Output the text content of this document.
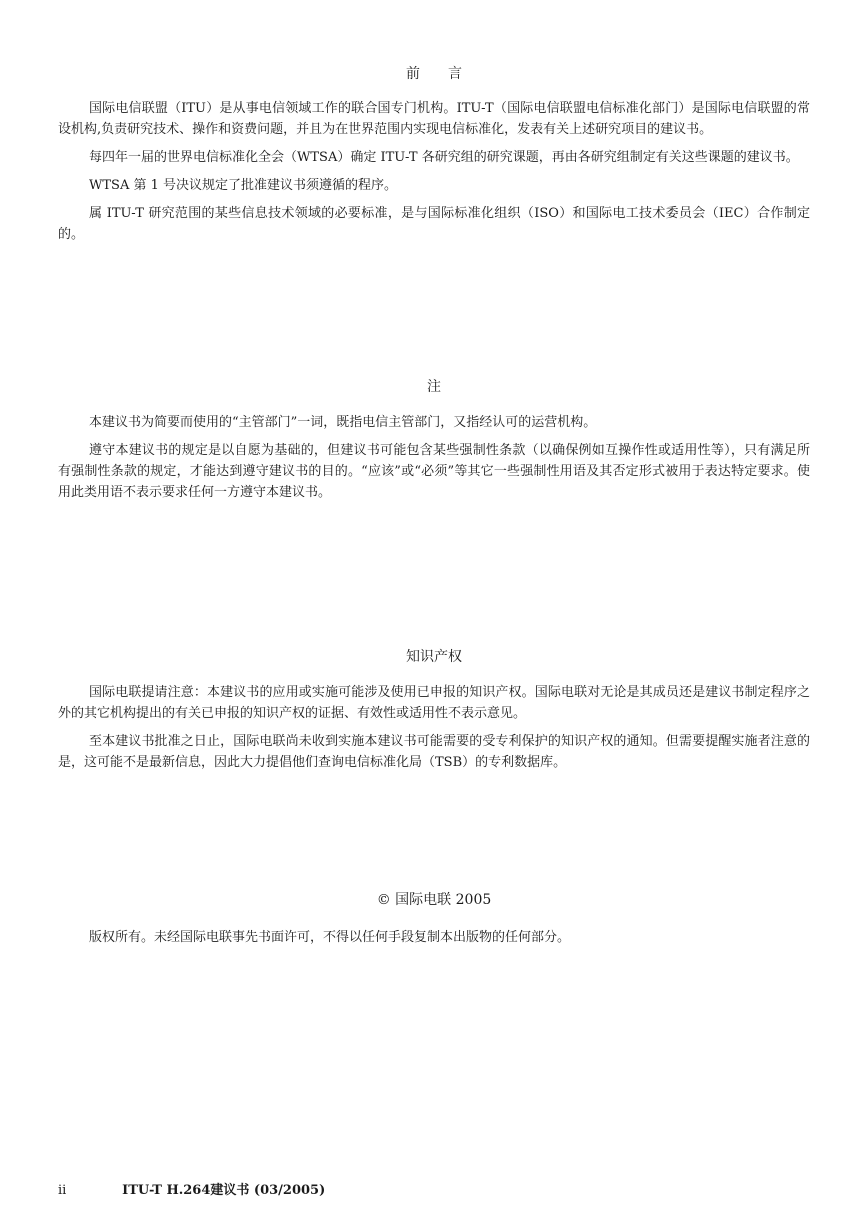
前　　言

国际电信联盟（ITU）是从事电信领域工作的联合国专门机构。ITU-T（国际电信联盟电信标准化部门）是国际电信联盟的常设机构,负责研究技术、操作和资费问题，并且为在世界范围内实现电信标准化，发表有关上述研究项目的建议书。

每四年一届的世界电信标准化全会（WTSA）确定 ITU-T 各研究组的研究课题，再由各研究组制定有关这些课题的建议书。

WTSA 第 1 号决议规定了批准建议书须遵循的程序。

属 ITU-T 研究范围的某些信息技术领域的必要标准，是与国际标准化组织（ISO）和国际电工技术委员会（IEC）合作制定的。

注

本建议书为简要而使用的“主管部门”一词，既指电信主管部门，又指经认可的运营机构。

遵守本建议书的规定是以自愿为基础的，但建议书可能包含某些强制性条款（以确保例如互操作性或适用性等），只有满足所有强制性条款的规定，才能达到遵守建议书的目的。“应该”或“必须”等其它一些强制性用语及其否定形式被用于表达特定要求。使用此类用语不表示要求任何一方遵守本建议书。

知识产权

国际电联提请注意：本建议书的应用或实施可能涉及使用已申报的知识产权。国际电联对无论是其成员还是建议书制定程序之外的其它机构提出的有关已申报的知识产权的证据、有效性或适用性不表示意见。

至本建议书批准之日止，国际电联尚未收到实施本建议书可能需要的受专利保护的知识产权的通知。但需要提醒实施者注意的是，这可能不是最新信息，因此大力提倡他们查询电信标准化局（TSB）的专利数据库。

© 国际电联 2005

版权所有。未经国际电联事先书面许可，不得以任何手段复制本出版物的任何部分。

ii	ITU-T H.264建议书 (03/2005)
